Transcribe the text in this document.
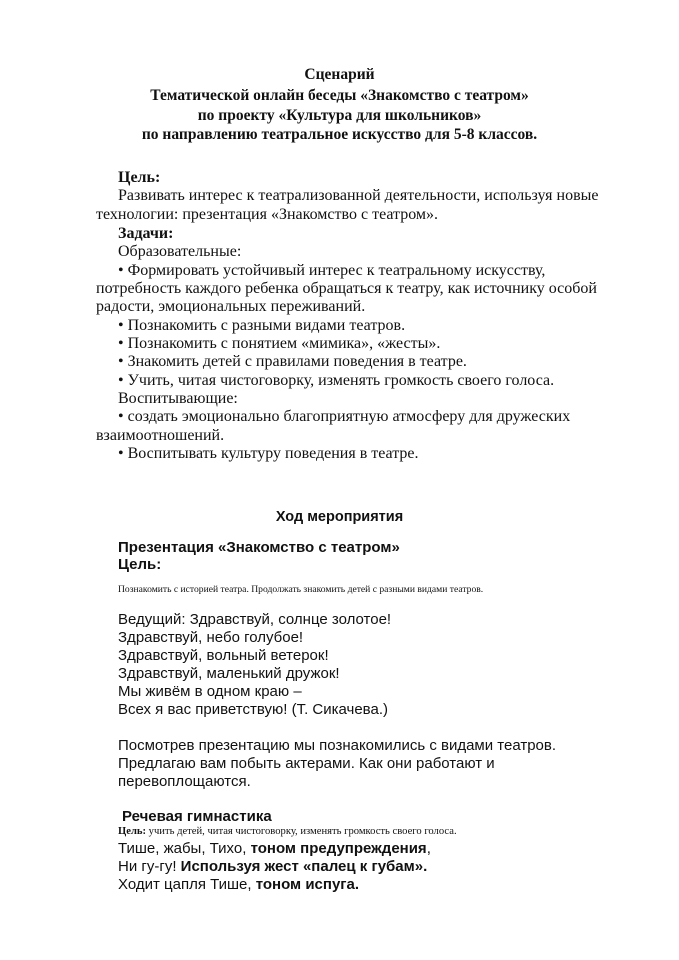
Сценарий
Тематической онлайн беседы «Знакомство с театром»
по проекту «Культура для школьников»
по направлению театральное искусство для 5-8 классов.
Цель:
Развивать интерес к театрализованной деятельности, используя новые
технологии: презентация «Знакомство с театром».
Задачи:
Образовательные:
• Формировать устойчивый интерес к театральному искусству,
потребность каждого ребенка обращаться к театру, как источнику особой
радости, эмоциональных переживаний.
• Познакомить с разными видами театров.
• Познакомить с понятием «мимика», «жесты».
• Знакомить детей с правилами поведения в театре.
• Учить, читая чистоговорку, изменять громкость своего голоса.
Воспитывающие:
• создать эмоционально благоприятную атмосферу для дружеских
взаимоотношений.
• Воспитывать культуру поведения в театре.
Ход мероприятия
Презентация «Знакомство с театром»
Цель:
Познакомить с историей театра. Продолжать знакомить детей с разными видами театров.
Ведущий: Здравствуй, солнце золотое!
Здравствуй, небо голубое!
Здравствуй, вольный ветерок!
Здравствуй, маленький дружок!
Мы живём в одном краю –
Всех я вас приветствую! (Т. Сикачева.)
Посмотрев презентацию мы познакомились с видами театров.
Предлагаю вам побыть актерами. Как они работают и
перевоплощаются.
Речевая гимнастика
Цель: учить детей, читая чистоговорку, изменять громкость своего голоса.
Тише, жабы, Тихо, тоном предупреждения,
Ни гу-гу! Используя жест «палец к губам».
Ходит цапля Тише, тоном испуга.
